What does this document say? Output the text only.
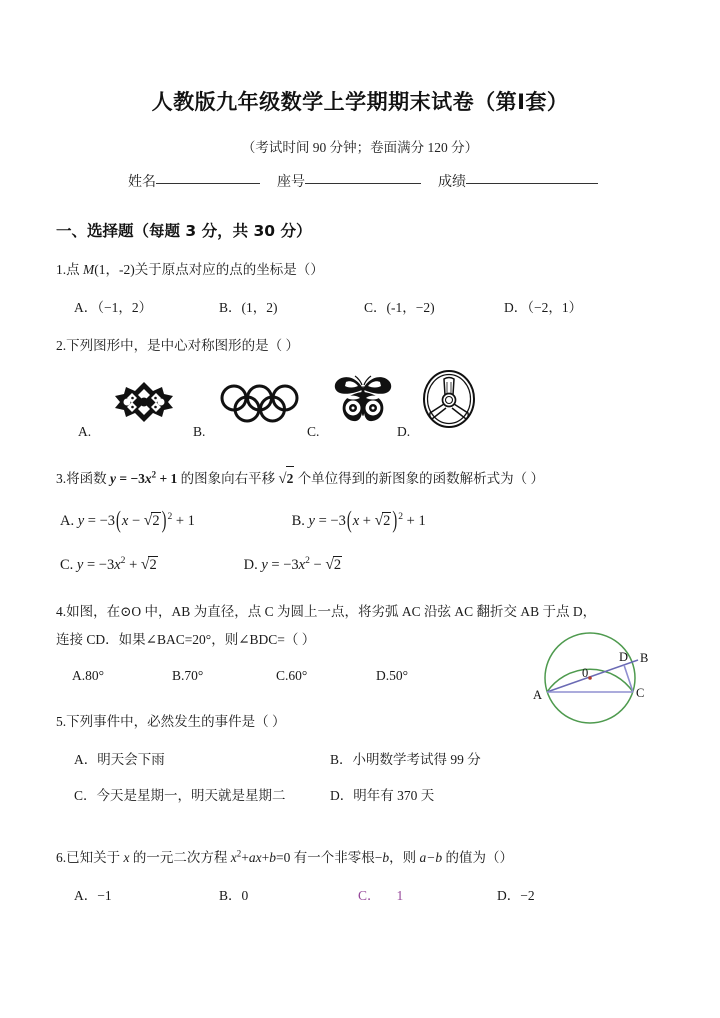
人教版九年级数学上学期期末试卷（第Ⅰ套）
（考试时间 90 分钟；卷面满分 120 分）
姓名	座号	成绩
一、选择题（每题 3 分，共 30 分）
1.点 M(1，-2)关于原点对应的点的坐标是（）
A．（−1，2）	B．(1，2)	C．(-1，−2)	D．（−2，1）
2.下列图形中，是中心对称图形的是（ ）
A.	B.	C.	D.
3.将函数 $y = -3x^2 + 1$ 的图象向右平移 √2 个单位得到的新图象的函数解析式为（ ）
A. y = −3(x − √2 )$^2$ + 1	B. y = −3(x + √2 )$^2$ + 1
C. $y = -3x^2 + √2$	D. $y = -3x^2 - √2$
4.如图，在⊙O 中，AB 为直径，点 C 为圆上一点，将劣弧 AC 沿弦 AC 翻折交 AB 于点 D，
连接 CD．如果∠BAC=20°，则∠BDC=（ ）
A.80°	B.70°	C.60°	D.50°
A
B
C
D
0
5.下列事件中，必然发生的事件是（ ）
A．明天会下雨	B．小明数学考试得 99 分
C．今天是星期一，明天就是星期二	D．明年有 370 天
6.已知关于 x 的一元二次方程 $x^2+ax+b=0$ 有一个非零根−b，则 a−b 的值为（）
A．−1	B．0	C． 1	D．−2
